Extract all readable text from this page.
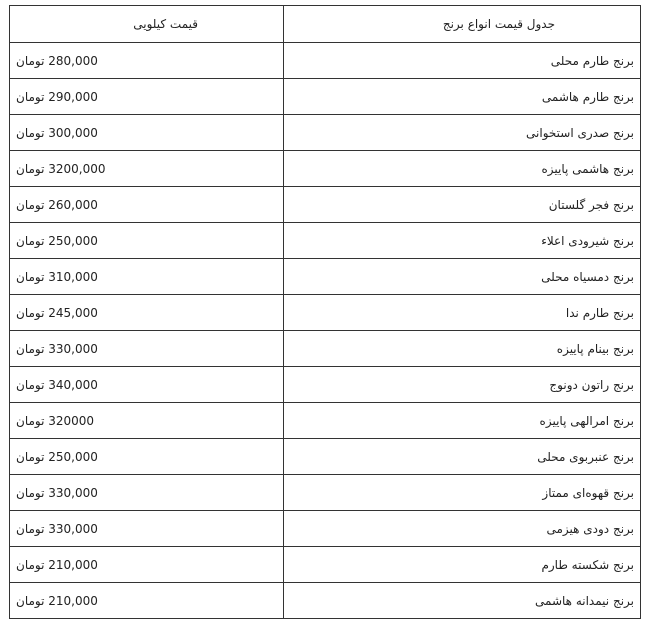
جدول قیمت انواع برنج	قیمت کیلویی
برنج طارم محلی	280,000 تومان
برنج طارم هاشمی	290,000 تومان
برنج صدری استخوانی	300,000 تومان
برنج هاشمی پاییزه	3200,000 تومان
برنج فجر گلستان	260,000 تومان
برنج شیرودی اعلاء	250,000 تومان
برنج دمسیاه محلی	310,000 تومان
برنج طارم ندا	245,000 تومان
برنج بینام پاییزه	330,000 تومان
برنج راتون دونوج	340,000 تومان
برنج امرالهی پاییزه	320000 تومان
برنج عنبربوی محلی	250,000 تومان
برنج قهوه‌ای ممتاز	330,000 تومان
برنج دودی هیزمی	330,000 تومان
برنج شکسته طارم	210,000 تومان
برنج نیمدانه هاشمی	210,000 تومان
